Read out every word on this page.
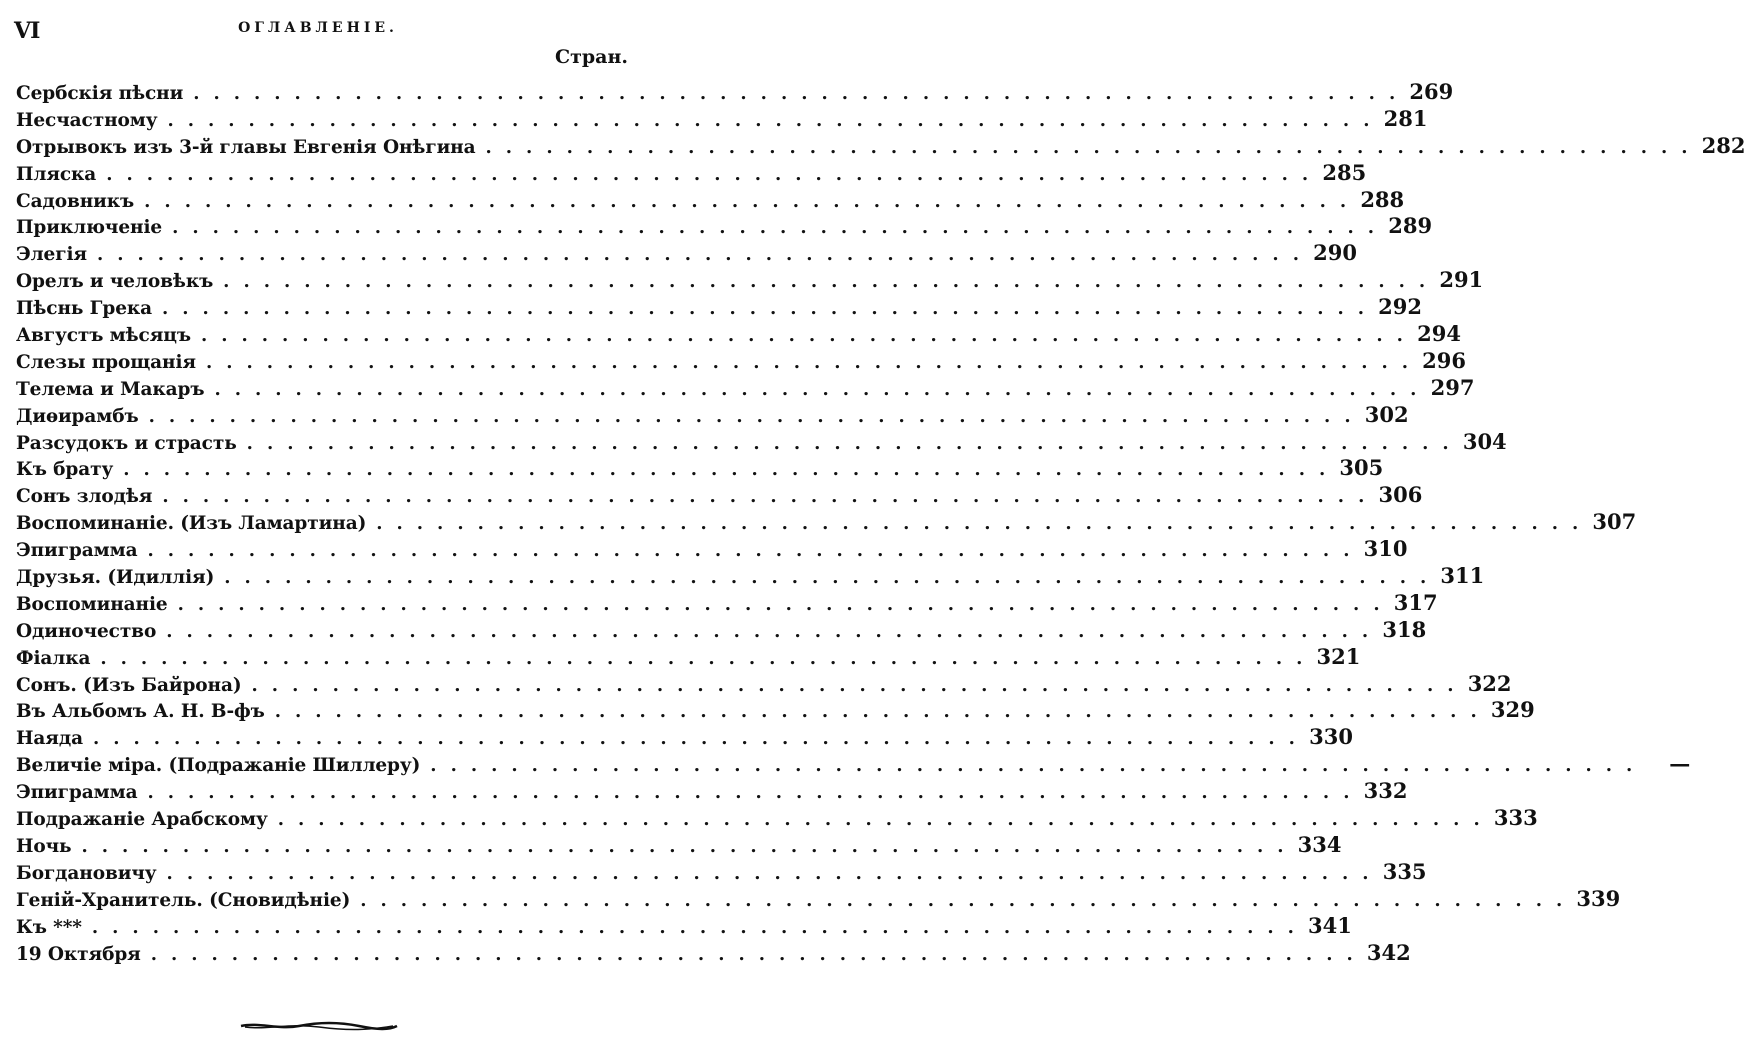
VI	ОГЛАВЛЕНІЕ.
Стран.
Сербскія пѣсни ............................................................ 269
Несчастному ............................................................ 281
Отрывокъ изъ 3-й главы Евгенія Онѣгина ............................................................ 282
Пляска ............................................................ 285
Садовникъ ............................................................ 288
Приключеніе ............................................................ 289
Элегія ............................................................ 290
Орелъ и человѣкъ ............................................................ 291
Пѣснь Грека ............................................................ 292
Августъ мѣсяцъ ............................................................ 294
Слезы прощанія ............................................................ 296
Телема и Макаръ ............................................................ 297
Диѳирамбъ ............................................................ 302
Разсудокъ и страсть ............................................................ 304
Къ брату ............................................................ 305
Сонъ злодѣя ............................................................ 306
Воспоминаніе. (Изъ Ламартина) ............................................................ 307
Эпиграмма ............................................................ 310
Друзья. (Идиллія) ............................................................ 311
Воспоминаніе ............................................................ 317
Одиночество ............................................................ 318
Фіалка ............................................................ 321
Сонъ. (Изъ Байрона) ............................................................ 322
Въ Альбомъ А. Н. В-фъ ............................................................ 329
Наяда ............................................................ 330
Величіе міра. (Подражаніе Шиллеру) ............................................................	—
Эпиграмма ............................................................ 332
Подражаніе Арабскому ............................................................ 333
Ночь ............................................................ 334
Богдановичу ............................................................ 335
Геній-Хранитель. (Сновидѣніе) ............................................................ 339
Къ *** ............................................................ 341
19 Октября ............................................................ 342
